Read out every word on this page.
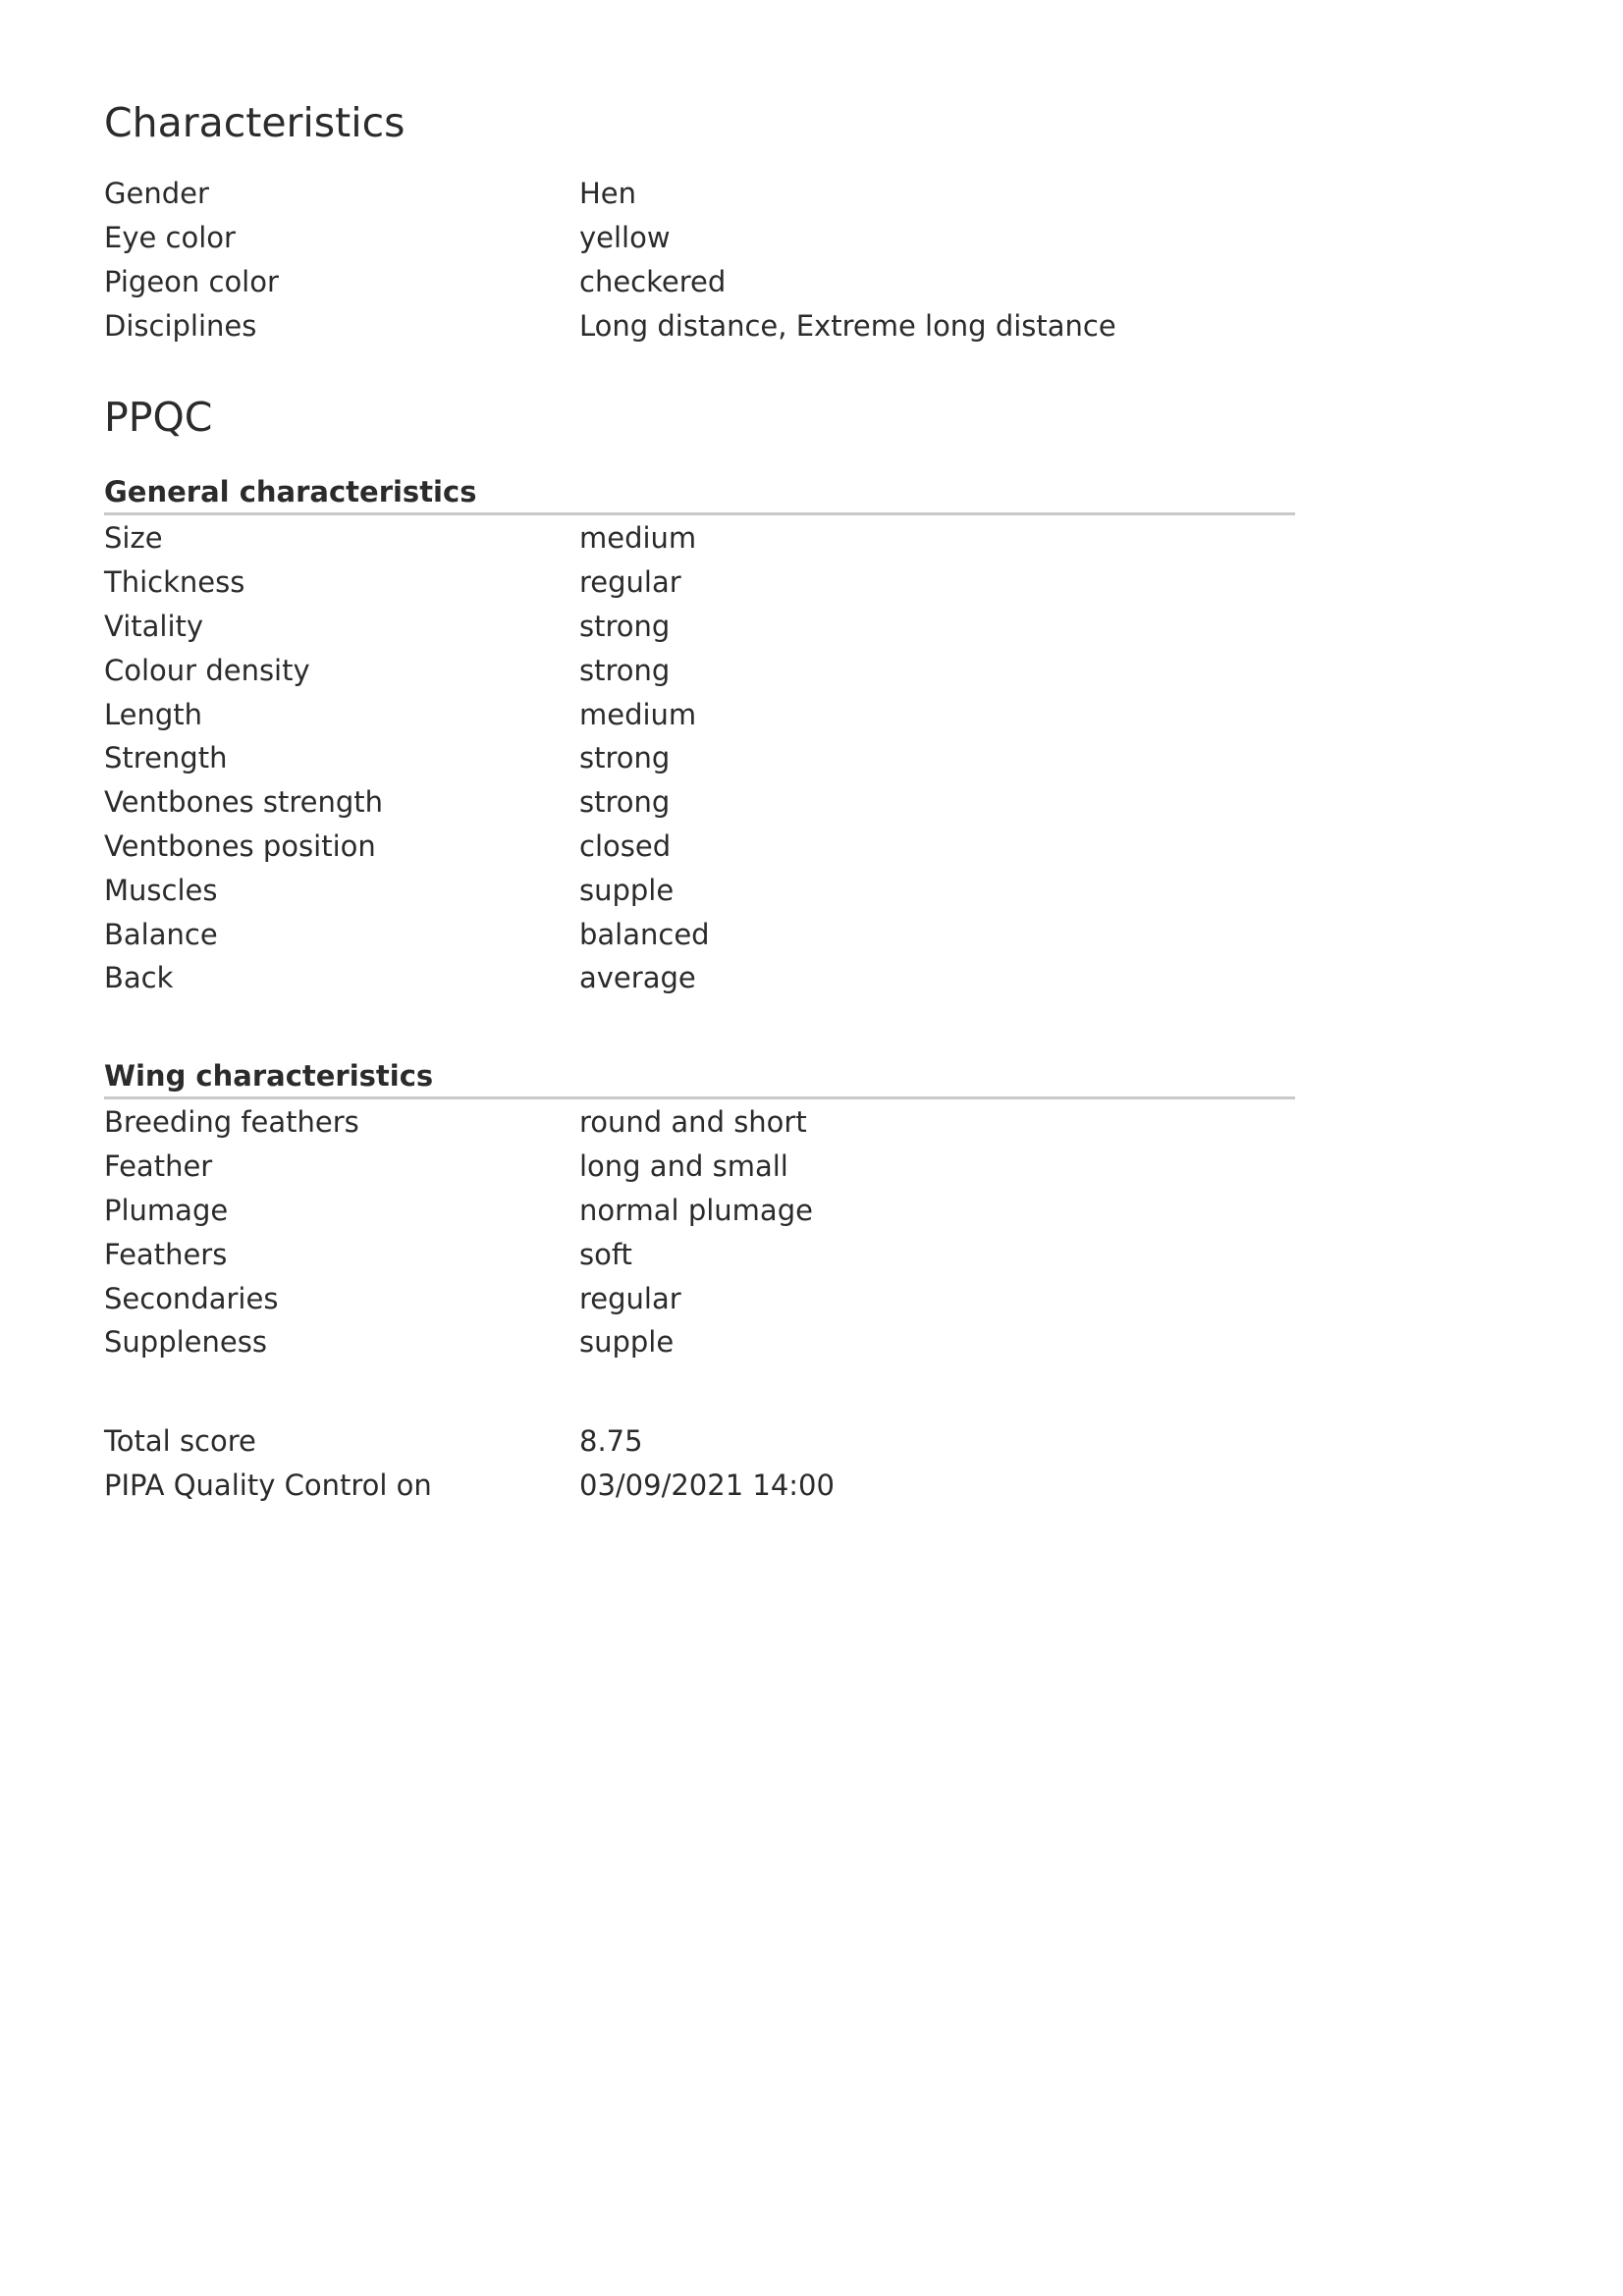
Characteristics
Gender	Hen
Eye color	yellow
Pigeon color	checkered
Disciplines	Long distance, Extreme long distance
PPQC
General characteristics
Size	medium
Thickness	regular
Vitality	strong
Colour density	strong
Length	medium
Strength	strong
Ventbones strength	strong
Ventbones position	closed
Muscles	supple
Balance	balanced
Back	average
Wing characteristics
Breeding feathers	round and short
Feather	long and small
Plumage	normal plumage
Feathers	soft
Secondaries	regular
Suppleness	supple
Total score	8.75
PIPA Quality Control on	03/09/2021 14:00
